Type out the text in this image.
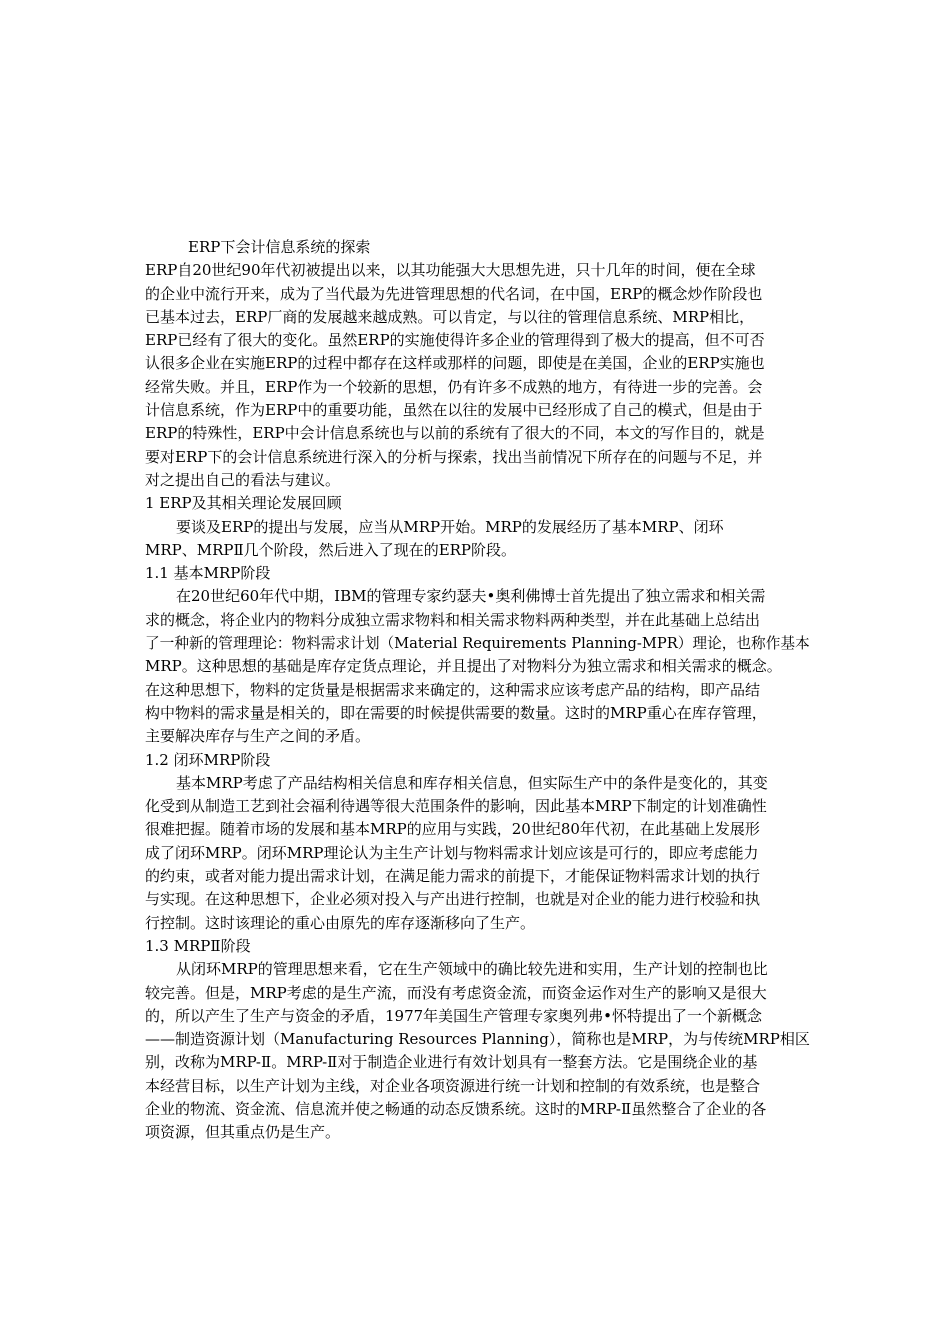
ERP下会计信息系统的探索
ERP自20世纪90年代初被提出以来，以其功能强大大思想先进，只十几年的时间，便在全球
的企业中流行开来，成为了当代最为先进管理思想的代名词，在中国，ERP的概念炒作阶段也
已基本过去，ERP厂商的发展越来越成熟。可以肯定，与以往的管理信息系统、MRP相比，
ERP已经有了很大的变化。虽然ERP的实施使得许多企业的管理得到了极大的提高，但不可否
认很多企业在实施ERP的过程中都存在这样或那样的问题，即使是在美国，企业的ERP实施也
经常失败。并且，ERP作为一个较新的思想，仍有许多不成熟的地方，有待进一步的完善。会
计信息系统，作为ERP中的重要功能，虽然在以往的发展中已经形成了自己的模式，但是由于
ERP的特殊性，ERP中会计信息系统也与以前的系统有了很大的不同，本文的写作目的，就是
要对ERP下的会计信息系统进行深入的分析与探索，找出当前情况下所存在的问题与不足，并
对之提出自己的看法与建议。
1 ERP及其相关理论发展回顾
要谈及ERP的提出与发展，应当从MRP开始。MRP的发展经历了基本MRP、闭环
MRP、MRPⅡ几个阶段，然后进入了现在的ERP阶段。
1.1 基本MRP阶段
在20世纪60年代中期，IBM的管理专家约瑟夫•奥利佛博士首先提出了独立需求和相关需
求的概念，将企业内的物料分成独立需求物料和相关需求物料两种类型，并在此基础上总结出
了一种新的管理理论：物料需求计划（Material Requirements Planning-MPR）理论，也称作基本
MRP。这种思想的基础是库存定货点理论，并且提出了对物料分为独立需求和相关需求的概念。
在这种思想下，物料的定货量是根据需求来确定的，这种需求应该考虑产品的结构，即产品结
构中物料的需求量是相关的，即在需要的时候提供需要的数量。这时的MRP重心在库存管理，
主要解决库存与生产之间的矛盾。
1.2 闭环MRP阶段
基本MRP考虑了产品结构相关信息和库存相关信息，但实际生产中的条件是变化的，其变
化受到从制造工艺到社会福利待遇等很大范围条件的影响，因此基本MRP下制定的计划准确性
很难把握。随着市场的发展和基本MRP的应用与实践，20世纪80年代初，在此基础上发展形
成了闭环MRP。闭环MRP理论认为主生产计划与物料需求计划应该是可行的，即应考虑能力
的约束，或者对能力提出需求计划，在满足能力需求的前提下，才能保证物料需求计划的执行
与实现。在这种思想下，企业必须对投入与产出进行控制，也就是对企业的能力进行校验和执
行控制。这时该理论的重心由原先的库存逐渐移向了生产。
1.3 MRPⅡ阶段
从闭环MRP的管理思想来看，它在生产领域中的确比较先进和实用，生产计划的控制也比
较完善。但是，MRP考虑的是生产流，而没有考虑资金流，而资金运作对生产的影响又是很大
的，所以产生了生产与资金的矛盾，1977年美国生产管理专家奥列弗•怀特提出了一个新概念
——制造资源计划（Manufacturing Resources Planning），简称也是MRP，为与传统MRP相区
别，改称为MRP-Ⅱ。MRP-Ⅱ对于制造企业进行有效计划具有一整套方法。它是围绕企业的基
本经营目标，以生产计划为主线，对企业各项资源进行统一计划和控制的有效系统，也是整合
企业的物流、资金流、信息流并使之畅通的动态反馈系统。这时的MRP-Ⅱ虽然整合了企业的各
项资源，但其重点仍是生产。
